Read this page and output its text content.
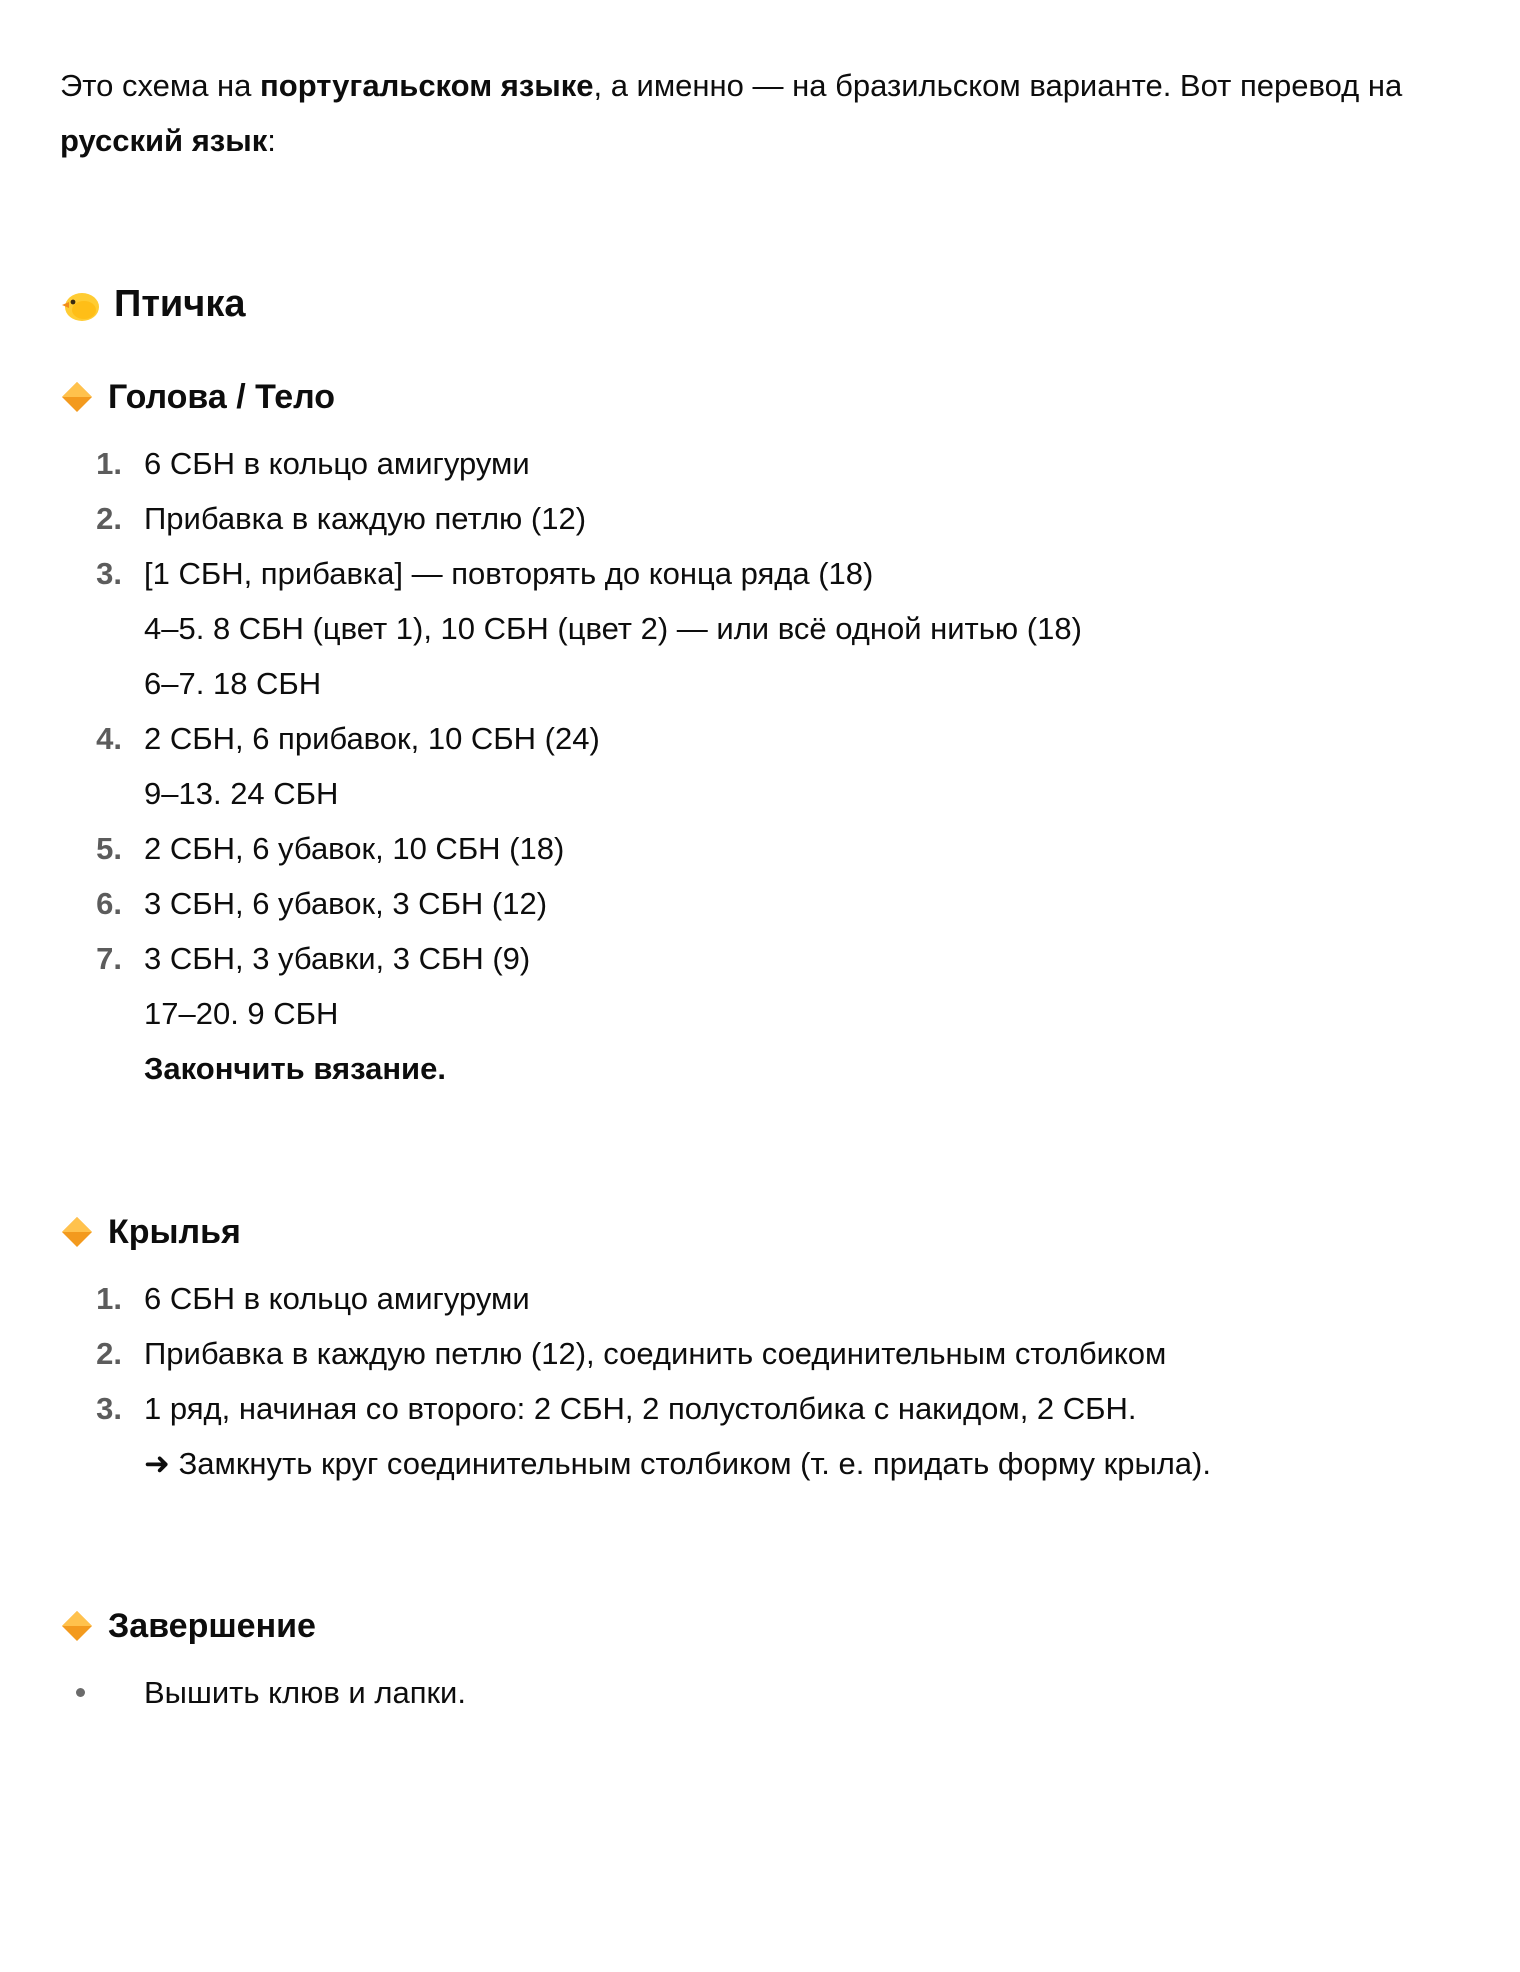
Это схема на португальском языке, а именно — на бразильском варианте. Вот перевод на русский язык:

Птичка
Голова / Тело
1. 6 СБН в кольцо амигуруми
2. Прибавка в каждую петлю (12)
3. [1 СБН, прибавка] — повторять до конца ряда (18)
4–5. 8 СБН (цвет 1), 10 СБН (цвет 2) — или всё одной нитью (18)
6–7. 18 СБН
4. 2 СБН, 6 прибавок, 10 СБН (24)
9–13. 24 СБН
5. 2 СБН, 6 убавок, 10 СБН (18)
6. 3 СБН, 6 убавок, 3 СБН (12)
7. 3 СБН, 3 убавки, 3 СБН (9)
17–20. 9 СБН
Закончить вязание.
Крылья
1. 6 СБН в кольцо амигуруми
2. Прибавка в каждую петлю (12), соединить соединительным столбиком
3. 1 ряд, начиная со второго: 2 СБН, 2 полустолбика с накидом, 2 СБН.
➜ Замкнуть круг соединительным столбиком (т. е. придать форму крыла).
Завершение
Вышить клюв и лапки.
